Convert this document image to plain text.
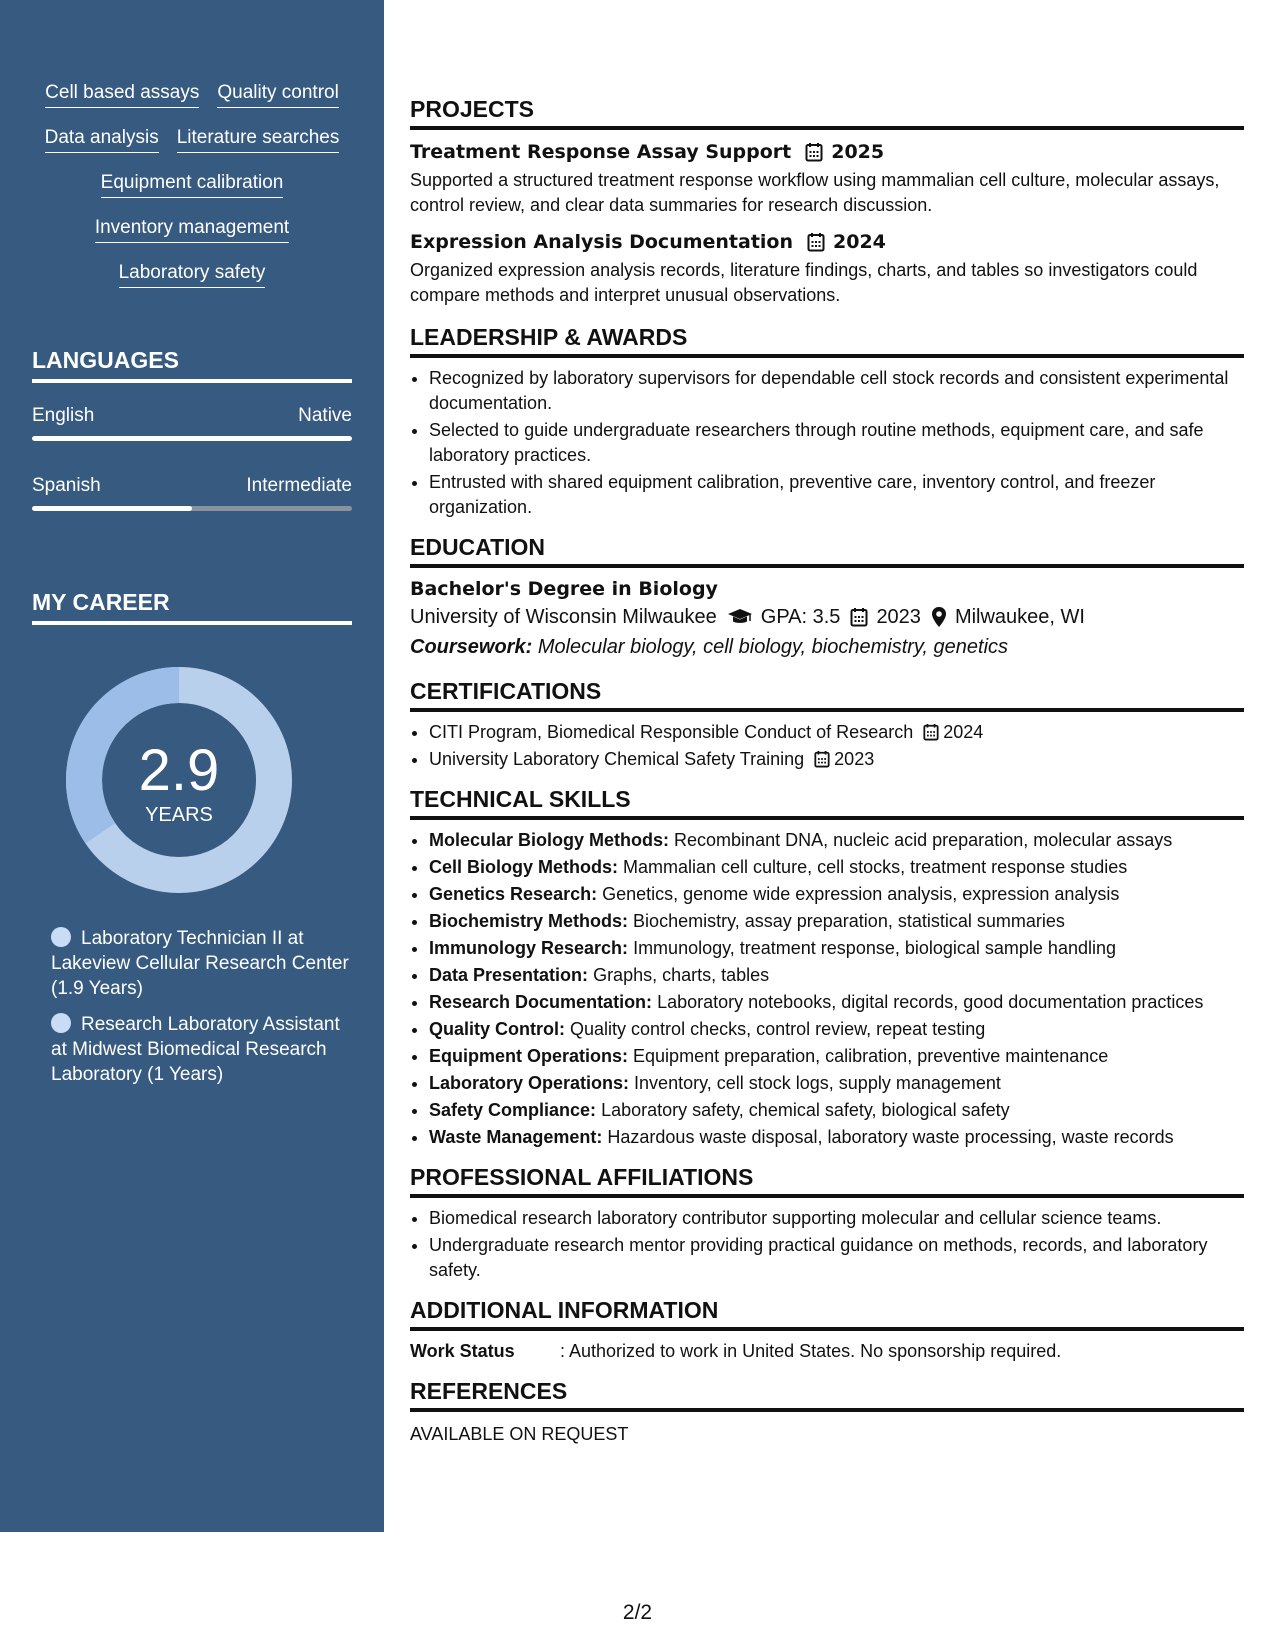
Cell based assays Quality control
Data analysis Literature searches
Equipment calibration
Inventory management
Laboratory safety
LANGUAGES
English	Native
Spanish	Intermediate
MY CAREER
2.9
YEARS
Laboratory Technician II at Lakeview Cellular Research Center (1.9 Years)
Research Laboratory Assistant at Midwest Biomedical Research Laboratory (1 Years)
PROJECTS
Treatment Response Assay Support 2025
Supported a structured treatment response workflow using mammalian cell culture, molecular assays, control review, and clear data summaries for research discussion.
Expression Analysis Documentation 2024
Organized expression analysis records, literature findings, charts, and tables so investigators could compare methods and interpret unusual observations.
LEADERSHIP & AWARDS
• Recognized by laboratory supervisors for dependable cell stock records and consistent experimental documentation.
• Selected to guide undergraduate researchers through routine methods, equipment care, and safe laboratory practices.
• Entrusted with shared equipment calibration, preventive care, inventory control, and freezer organization.
EDUCATION
Bachelor's Degree in Biology
University of Wisconsin Milwaukee GPA: 3.5 2023 Milwaukee, WI
Coursework: Molecular biology, cell biology, biochemistry, genetics
CERTIFICATIONS
• CITI Program, Biomedical Responsible Conduct of Research 2024
• University Laboratory Chemical Safety Training 2023
TECHNICAL SKILLS
• Molecular Biology Methods: Recombinant DNA, nucleic acid preparation, molecular assays
• Cell Biology Methods: Mammalian cell culture, cell stocks, treatment response studies
• Genetics Research: Genetics, genome wide expression analysis, expression analysis
• Biochemistry Methods: Biochemistry, assay preparation, statistical summaries
• Immunology Research: Immunology, treatment response, biological sample handling
• Data Presentation: Graphs, charts, tables
• Research Documentation: Laboratory notebooks, digital records, good documentation practices
• Quality Control: Quality control checks, control review, repeat testing
• Equipment Operations: Equipment preparation, calibration, preventive maintenance
• Laboratory Operations: Inventory, cell stock logs, supply management
• Safety Compliance: Laboratory safety, chemical safety, biological safety
• Waste Management: Hazardous waste disposal, laboratory waste processing, waste records
PROFESSIONAL AFFILIATIONS
• Biomedical research laboratory contributor supporting molecular and cellular science teams.
• Undergraduate research mentor providing practical guidance on methods, records, and laboratory safety.
ADDITIONAL INFORMATION
Work Status	: Authorized to work in United States. No sponsorship required.
REFERENCES
AVAILABLE ON REQUEST
2/2
